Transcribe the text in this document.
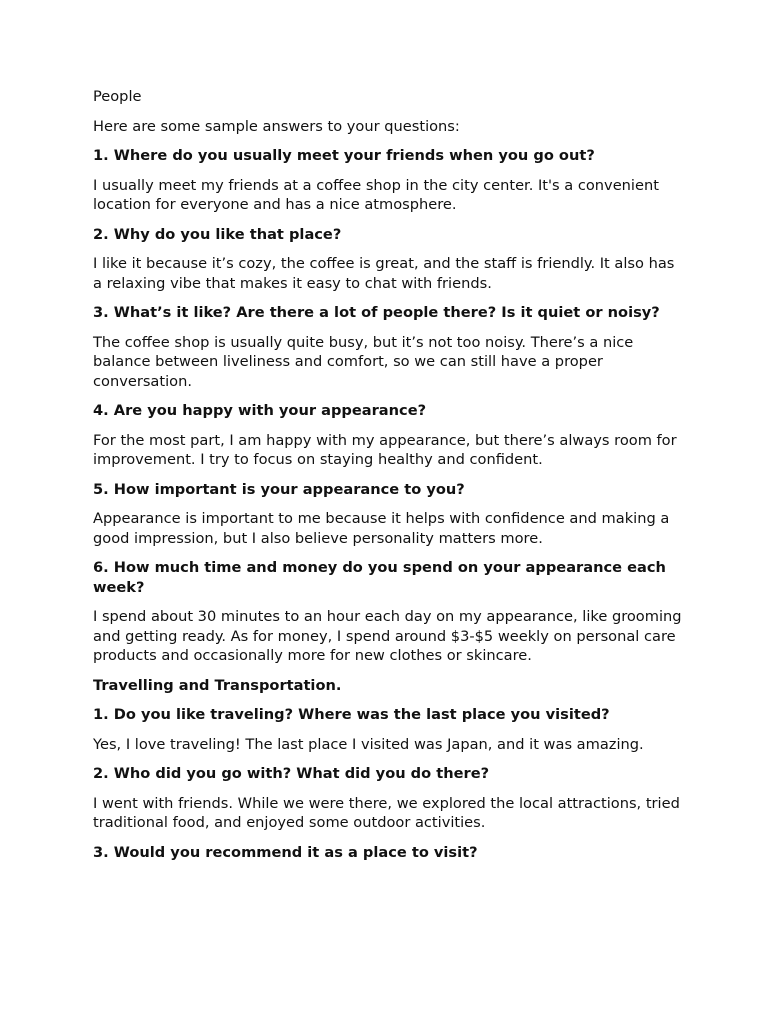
People

Here are some sample answers to your questions:

1. Where do you usually meet your friends when you go out?

I usually meet my friends at a coffee shop in the city center. It's a convenient location for everyone and has a nice atmosphere.

2. Why do you like that place?

I like it because it’s cozy, the coffee is great, and the staff is friendly. It also has a relaxing vibe that makes it easy to chat with friends.

3. What’s it like? Are there a lot of people there? Is it quiet or noisy?

The coffee shop is usually quite busy, but it’s not too noisy. There’s a nice balance between liveliness and comfort, so we can still have a proper conversation.

4. Are you happy with your appearance?

For the most part, I am happy with my appearance, but there’s always room for improvement. I try to focus on staying healthy and confident.

5. How important is your appearance to you?

Appearance is important to me because it helps with confidence and making a good impression, but I also believe personality matters more.

6. How much time and money do you spend on your appearance each week?

I spend about 30 minutes to an hour each day on my appearance, like grooming and getting ready. As for money, I spend around $3-$5 weekly on personal care products and occasionally more for new clothes or skincare.

Travelling and Transportation.

1. Do you like traveling? Where was the last place you visited?

Yes, I love traveling! The last place I visited was Japan, and it was amazing.

2. Who did you go with? What did you do there?

I went with friends. While we were there, we explored the local attractions, tried traditional food, and enjoyed some outdoor activities.

3. Would you recommend it as a place to visit?
